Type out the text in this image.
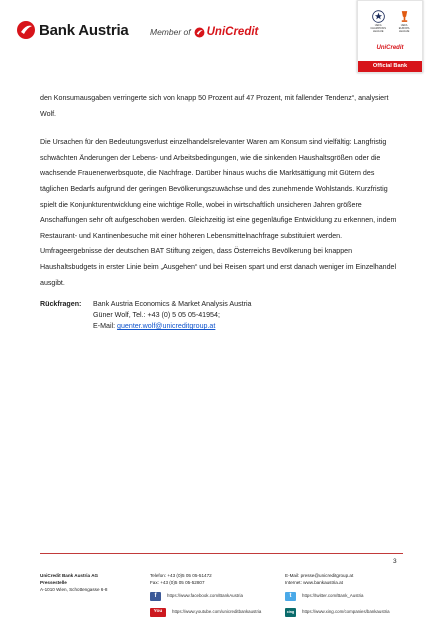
Bank Austria	Member of UniCredit
UEFA
CHAMPIONS
LEAGUE
UEFA
EUROPA
LEAGUE
UniCredit
Official Bank

den Konsumausgaben verringerte sich von knapp 50 Prozent auf 47 Prozent, mit fallender Tendenz“, analysiert Wolf.

Die Ursachen für den Bedeutungsverlust einzelhandelsrelevanter Waren am Konsum sind vielfältig: Langfristig schwächten Änderungen der Lebens- und Arbeitsbedingungen, wie die sinkenden Haushaltsgrößen oder die wachsende Frauenerwerbsquote, die Nachfrage. Darüber hinaus wuchs die Marktsättigung mit Gütern des täglichen Bedarfs aufgrund der geringen Bevölkerungszuwächse und des zunehmende Wohlstands. Kurzfristig spielt die Konjunkturentwicklung eine wichtige Rolle, wobei in wirtschaftlich unsicheren Jahren größere Anschaffungen sehr oft aufgeschoben werden. Gleichzeitig ist eine gegenläufige Entwicklung zu erkennen, indem Restaurant- und Kantinenbesuche mit einer höheren Lebensmittelnachfrage substituiert werden. Umfrageergebnisse der deutschen BAT Stiftung zeigen, dass Österreichs Bevölkerung bei knappen Haushaltsbudgets in erster Linie beim „Ausgehen“ und bei Reisen spart und erst danach weniger im Einzelhandel ausgibt.

Rückfragen: Bank Austria Economics & Market Analysis Austria
Güner Wolf, Tel.: +43 (0) 5 05 05-41954;
E-Mail: guenter.wolf@unicreditgroup.at
3
UniCredit Bank Austria AG
Pressestelle
A-1010 Wien, Schottengasse 6-8
Telefon: +43 (0)5 05 05-51472
Fax: +43 (0)5 05 05-52807
f	https://www.facebook.com/BankAustria
You	https://www.youtube.com/unicreditbankaustria
E-Mail: presse@unicreditgroup.at
Internet: www.bankaustria.at
t	https://twitter.com/Bank_Austria
xing	https://www.xing.com/companies/bankaustria
